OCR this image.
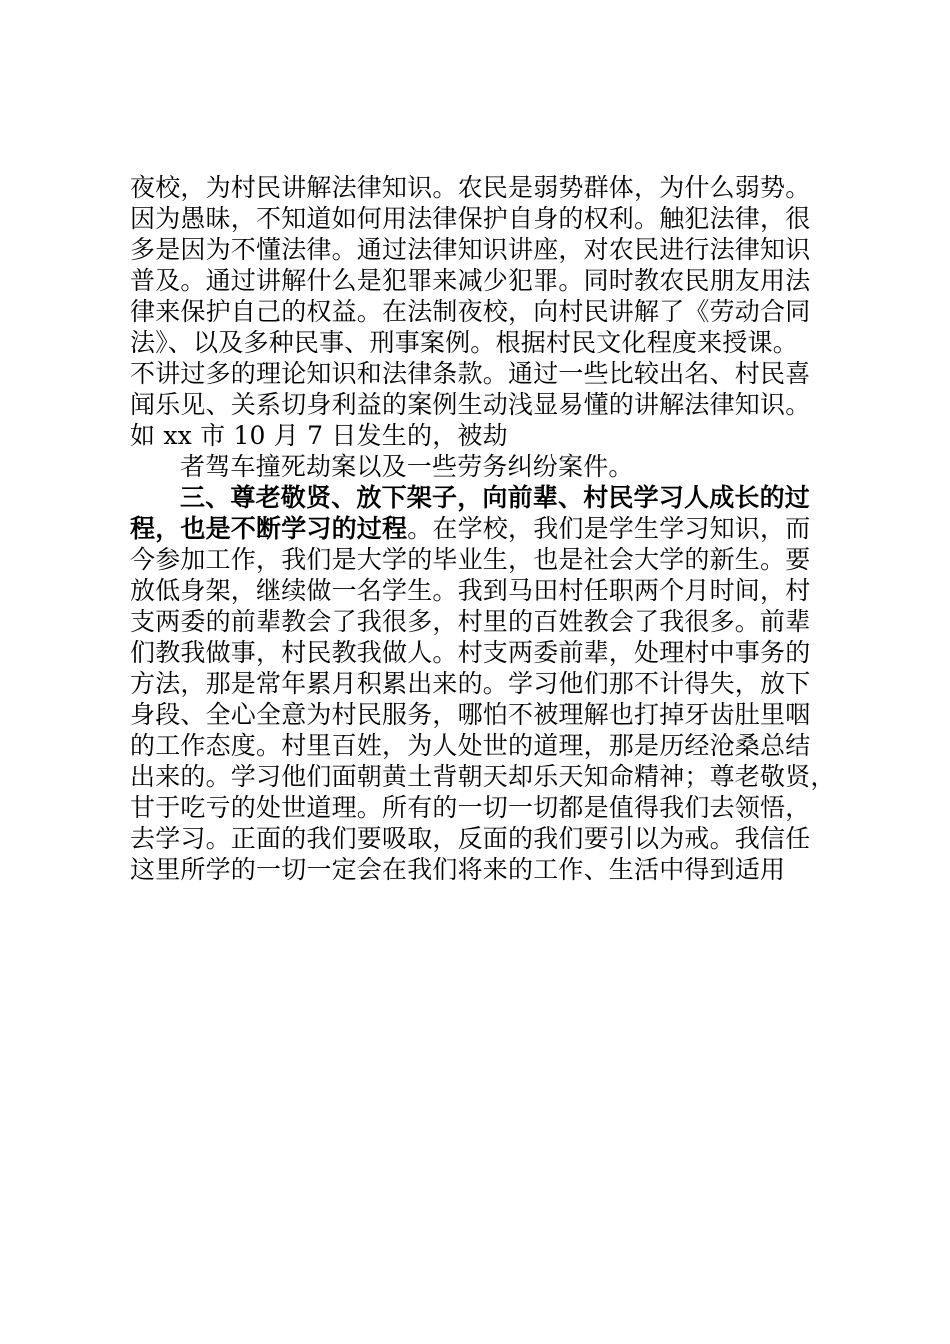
夜校，为村民讲解法律知识。农民是弱势群体，为什么弱势。
因为愚昧，不知道如何用法律保护自身的权利。触犯法律，很
多是因为不懂法律。通过法律知识讲座，对农民进行法律知识
普及。通过讲解什么是犯罪来减少犯罪。同时教农民朋友用法
律来保护自己的权益。在法制夜校，向村民讲解了《劳动合同
法》、以及多种民事、刑事案例。根据村民文化程度来授课。
不讲过多的理论知识和法律条款。通过一些比较出名、村民喜
闻乐见、关系切身利益的案例生动浅显易懂的讲解法律知识。
如 xx 市 10 月 7 日发生的，被劫
者驾车撞死劫案以及一些劳务纠纷案件。
三、尊老敬贤、放下架子，向前辈、村民学习人成长的过
程，也是不断学习的过程。在学校，我们是学生学习知识，而
今参加工作，我们是大学的毕业生，也是社会大学的新生。要
放低身架，继续做一名学生。我到马田村任职两个月时间，村
支两委的前辈教会了我很多，村里的百姓教会了我很多。前辈
们教我做事，村民教我做人。村支两委前辈，处理村中事务的
方法，那是常年累月积累出来的。学习他们那不计得失，放下
身段、全心全意为村民服务，哪怕不被理解也打掉牙齿肚里咽
的工作态度。村里百姓，为人处世的道理，那是历经沧桑总结
出来的。学习他们面朝黄土背朝天却乐天知命精神；尊老敬贤，
甘于吃亏的处世道理。所有的一切一切都是值得我们去领悟，
去学习。正面的我们要吸取，反面的我们要引以为戒。我信任
这里所学的一切一定会在我们将来的工作、生活中得到适用
